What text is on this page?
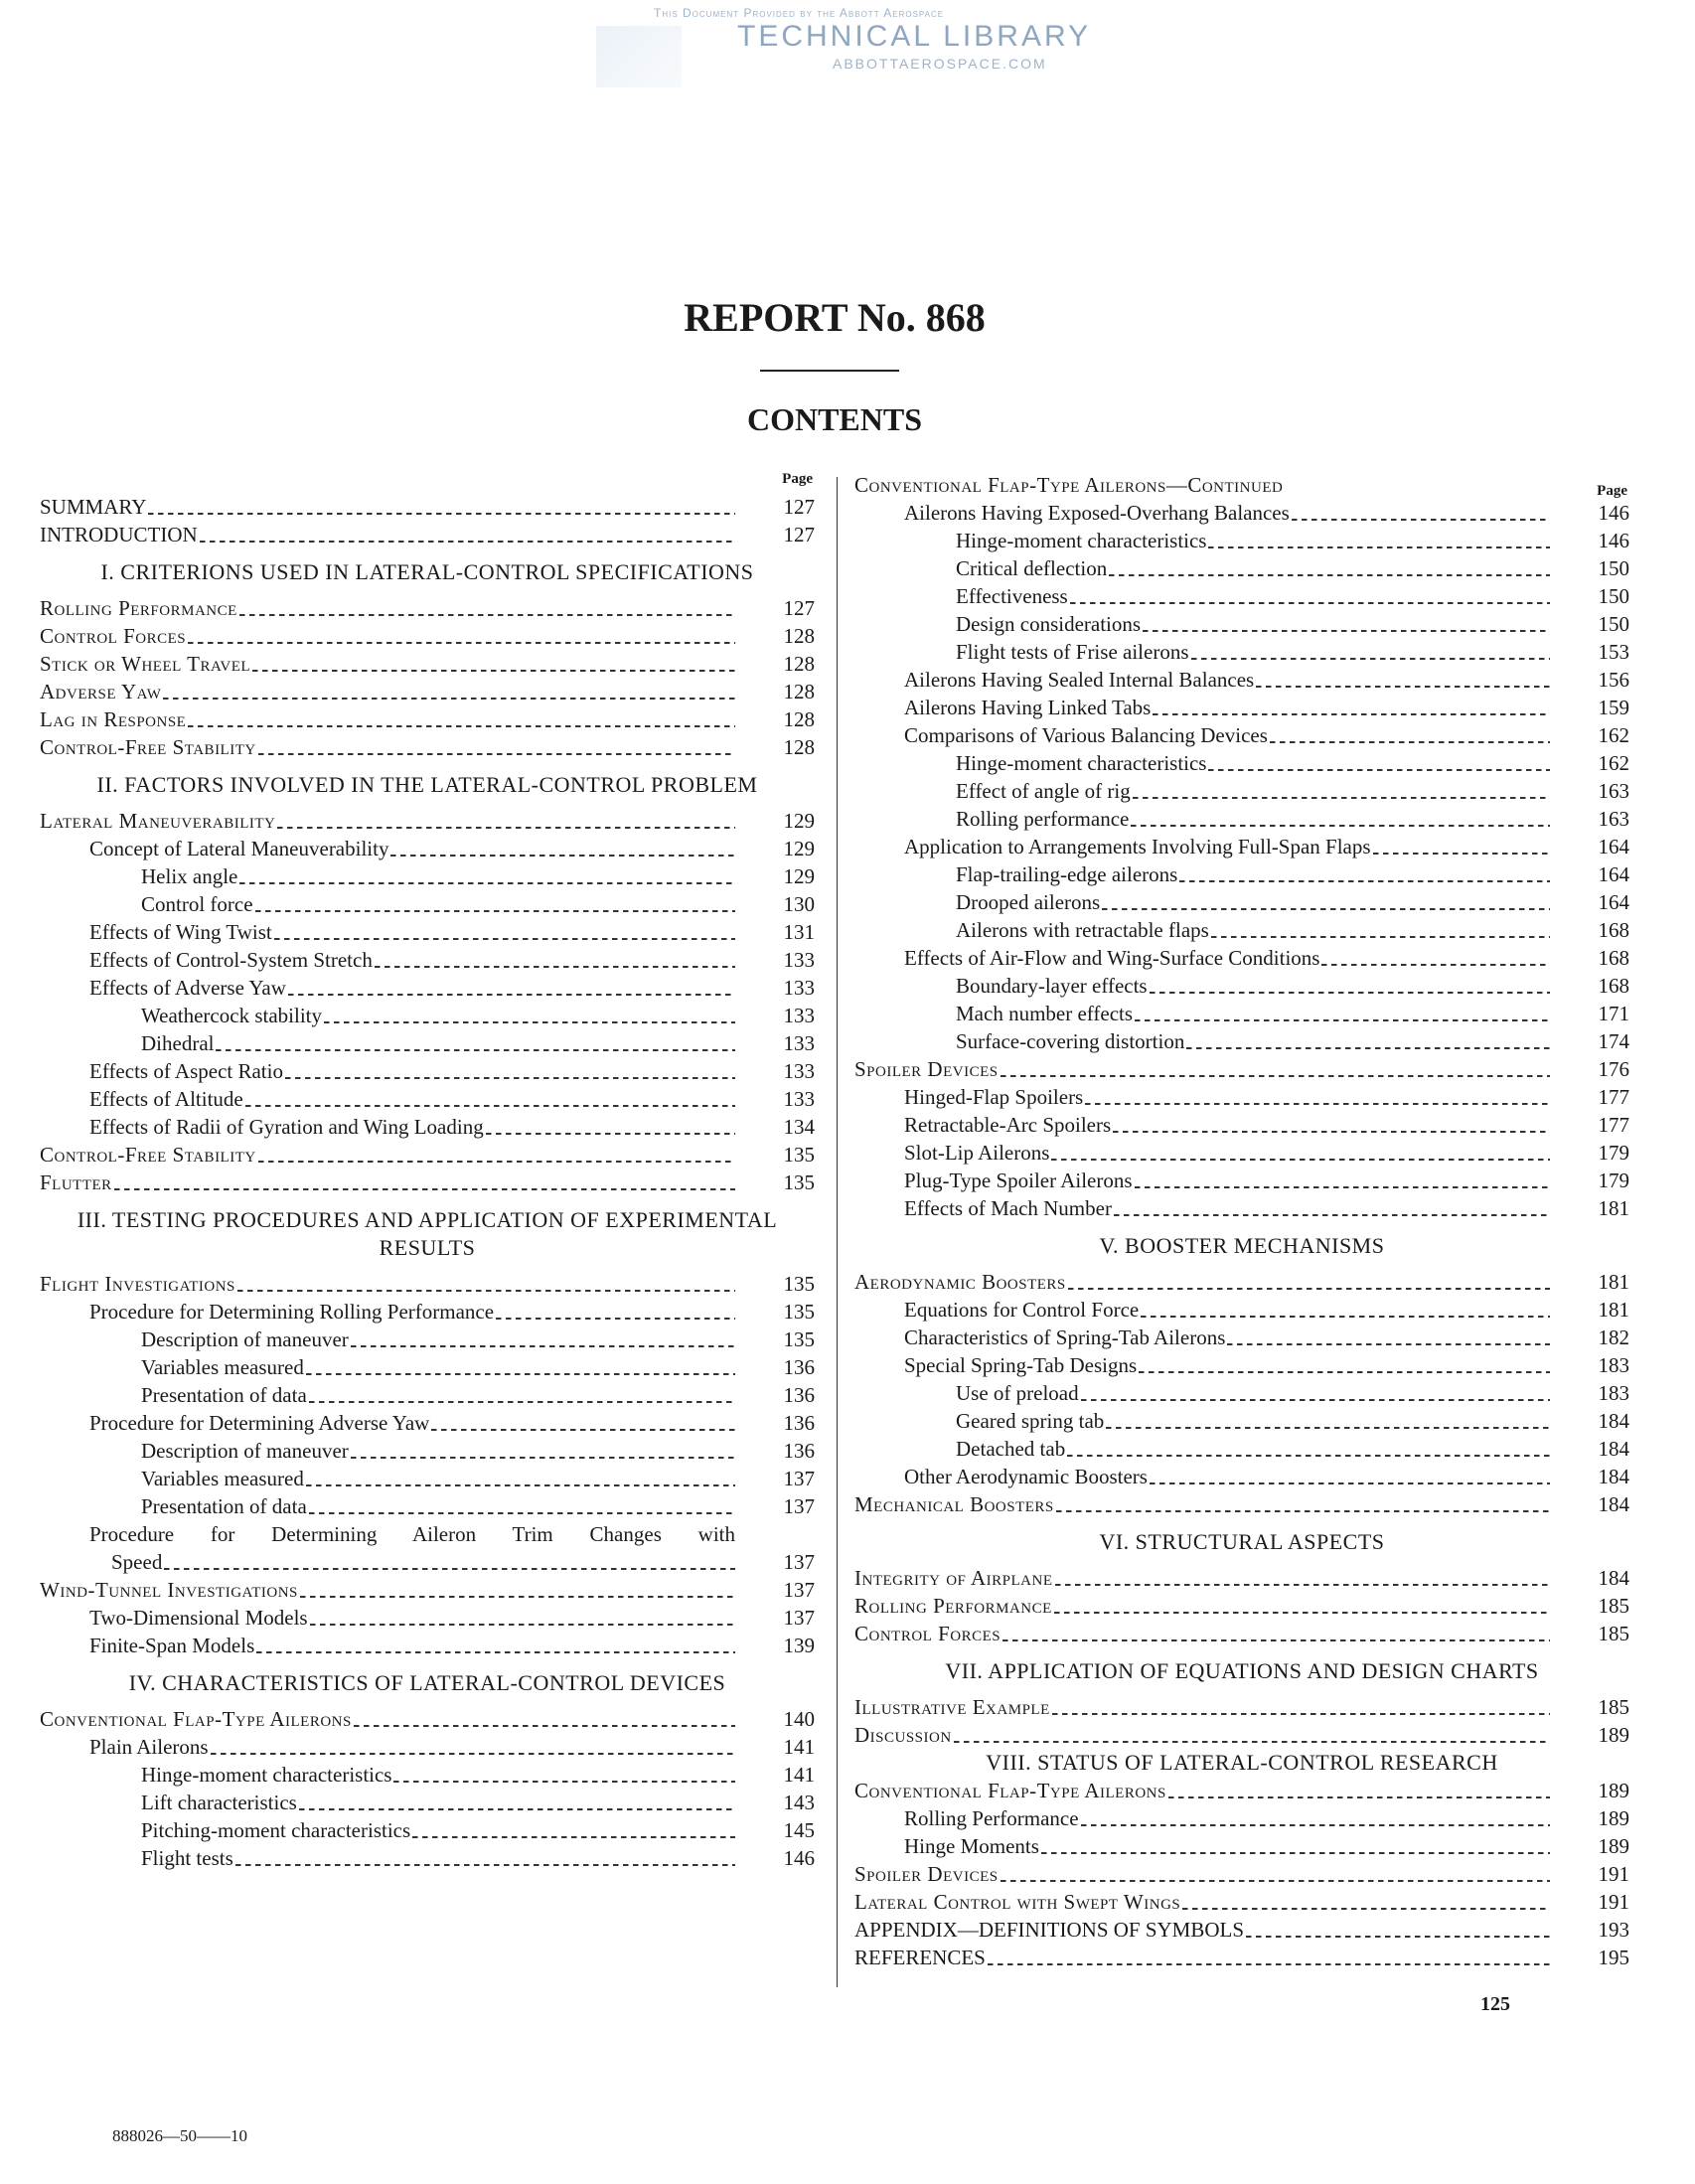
This Document Provided by the Abbott Aerospace
TECHNICAL LIBRARY
ABBOTTAEROSPACE.COM
REPORT No. 868
CONTENTS
Page
SUMMARY	127
INTRODUCTION	127
I. CRITERIONS USED IN LATERAL-CONTROL SPECIFICATIONS
Rolling Performance	127
Control Forces	128
Stick or Wheel Travel	128
Adverse Yaw	128
Lag in Response	128
Control-Free Stability	128
II. FACTORS INVOLVED IN THE LATERAL-CONTROL PROBLEM
Lateral Maneuverability	129
Concept of Lateral Maneuverability	129
Helix angle	129
Control force	130
Effects of Wing Twist	131
Effects of Control-System Stretch	133
Effects of Adverse Yaw	133
Weathercock stability	133
Dihedral	133
Effects of Aspect Ratio	133
Effects of Altitude	133
Effects of Radii of Gyration and Wing Loading	134
Control-Free Stability	135
Flutter	135
III. TESTING PROCEDURES AND APPLICATION OF EXPERIMENTAL RESULTS
Flight Investigations	135
Procedure for Determining Rolling Performance	135
Description of maneuver	135
Variables measured	136
Presentation of data	136
Procedure for Determining Adverse Yaw	136
Description of maneuver	136
Variables measured	137
Presentation of data	137
Procedure for Determining Aileron Trim Changes with
Speed	137
Wind-Tunnel Investigations	137
Two-Dimensional Models	137
Finite-Span Models	139
IV. CHARACTERISTICS OF LATERAL-CONTROL DEVICES
Conventional Flap-Type Ailerons	140
Plain Ailerons	141
Hinge-moment characteristics	141
Lift characteristics	143
Pitching-moment characteristics	145
Flight tests	146
Conventional Flap-Type Ailerons—Continued	Page
Ailerons Having Exposed-Overhang Balances	146
Hinge-moment characteristics	146
Critical deflection	150
Effectiveness	150
Design considerations	150
Flight tests of Frise ailerons	153
Ailerons Having Sealed Internal Balances	156
Ailerons Having Linked Tabs	159
Comparisons of Various Balancing Devices	162
Hinge-moment characteristics	162
Effect of angle of rig	163
Rolling performance	163
Application to Arrangements Involving Full-Span Flaps	164
Flap-trailing-edge ailerons	164
Drooped ailerons	164
Ailerons with retractable flaps	168
Effects of Air-Flow and Wing-Surface Conditions	168
Boundary-layer effects	168
Mach number effects	171
Surface-covering distortion	174
Spoiler Devices	176
Hinged-Flap Spoilers	177
Retractable-Arc Spoilers	177
Slot-Lip Ailerons	179
Plug-Type Spoiler Ailerons	179
Effects of Mach Number	181
V. BOOSTER MECHANISMS
Aerodynamic Boosters	181
Equations for Control Force	181
Characteristics of Spring-Tab Ailerons	182
Special Spring-Tab Designs	183
Use of preload	183
Geared spring tab	184
Detached tab	184
Other Aerodynamic Boosters	184
Mechanical Boosters	184
VI. STRUCTURAL ASPECTS
Integrity of Airplane	184
Rolling Performance	185
Control Forces	185
VII. APPLICATION OF EQUATIONS AND DESIGN CHARTS
Illustrative Example	185
Discussion	189
VIII. STATUS OF LATERAL-CONTROL RESEARCH
Conventional Flap-Type Ailerons	189
Rolling Performance	189
Hinge Moments	189
Spoiler Devices	191
Lateral Control with Swept Wings	191
APPENDIX—DEFINITIONS OF SYMBOLS	193
REFERENCES	195
125
888026—50——10
